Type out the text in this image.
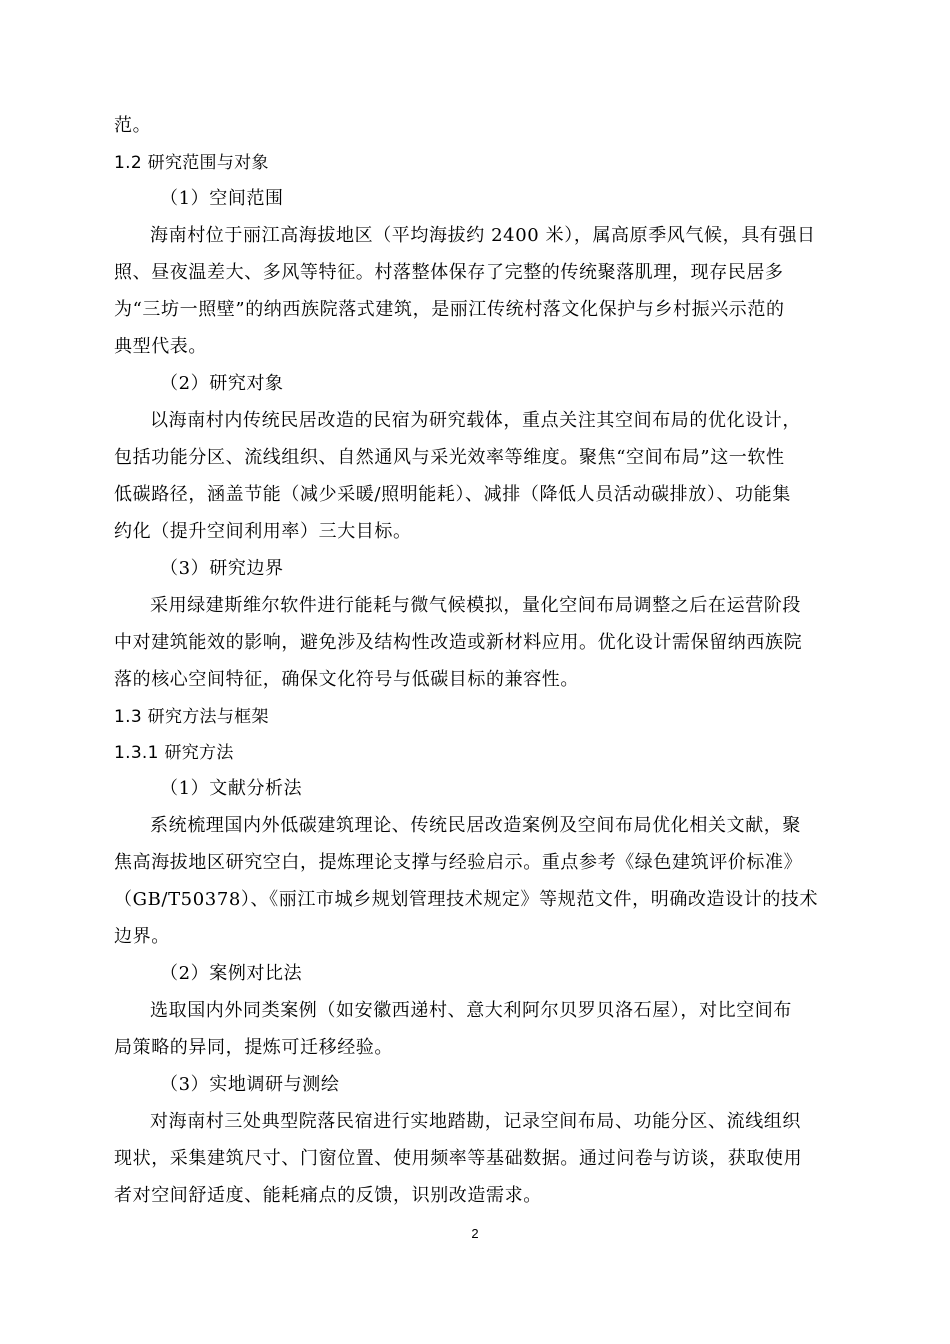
范。
1.2 研究范围与对象
（1）空间范围
海南村位于丽江高海拔地区（平均海拔约 2400 米），属高原季风气候，具有强日
照、昼夜温差大、多风等特征。村落整体保存了完整的传统聚落肌理，现存民居多
为“三坊一照壁”的纳西族院落式建筑，是丽江传统村落文化保护与乡村振兴示范的
典型代表。
（2）研究对象
以海南村内传统民居改造的民宿为研究载体，重点关注其空间布局的优化设计，
包括功能分区、流线组织、自然通风与采光效率等维度。聚焦“空间布局”这一软性
低碳路径，涵盖节能（减少采暖/照明能耗）、减排（降低人员活动碳排放）、功能集
约化（提升空间利用率）三大目标。
（3）研究边界
采用绿建斯维尔软件进行能耗与微气候模拟，量化空间布局调整之后在运营阶段
中对建筑能效的影响，避免涉及结构性改造或新材料应用。优化设计需保留纳西族院
落的核心空间特征，确保文化符号与低碳目标的兼容性。
1.3 研究方法与框架
1.3.1 研究方法
（1）文献分析法
系统梳理国内外低碳建筑理论、传统民居改造案例及空间布局优化相关文献，聚
焦高海拔地区研究空白，提炼理论支撑与经验启示。重点参考《绿色建筑评价标准》
（GB/T50378）、《丽江市城乡规划管理技术规定》等规范文件，明确改造设计的技术
边界。
（2）案例对比法
选取国内外同类案例（如安徽西递村、意大利阿尔贝罗贝洛石屋），对比空间布
局策略的异同，提炼可迁移经验。
（3）实地调研与测绘
对海南村三处典型院落民宿进行实地踏勘，记录空间布局、功能分区、流线组织
现状，采集建筑尺寸、门窗位置、使用频率等基础数据。通过问卷与访谈，获取使用
者对空间舒适度、能耗痛点的反馈，识别改造需求。
2
